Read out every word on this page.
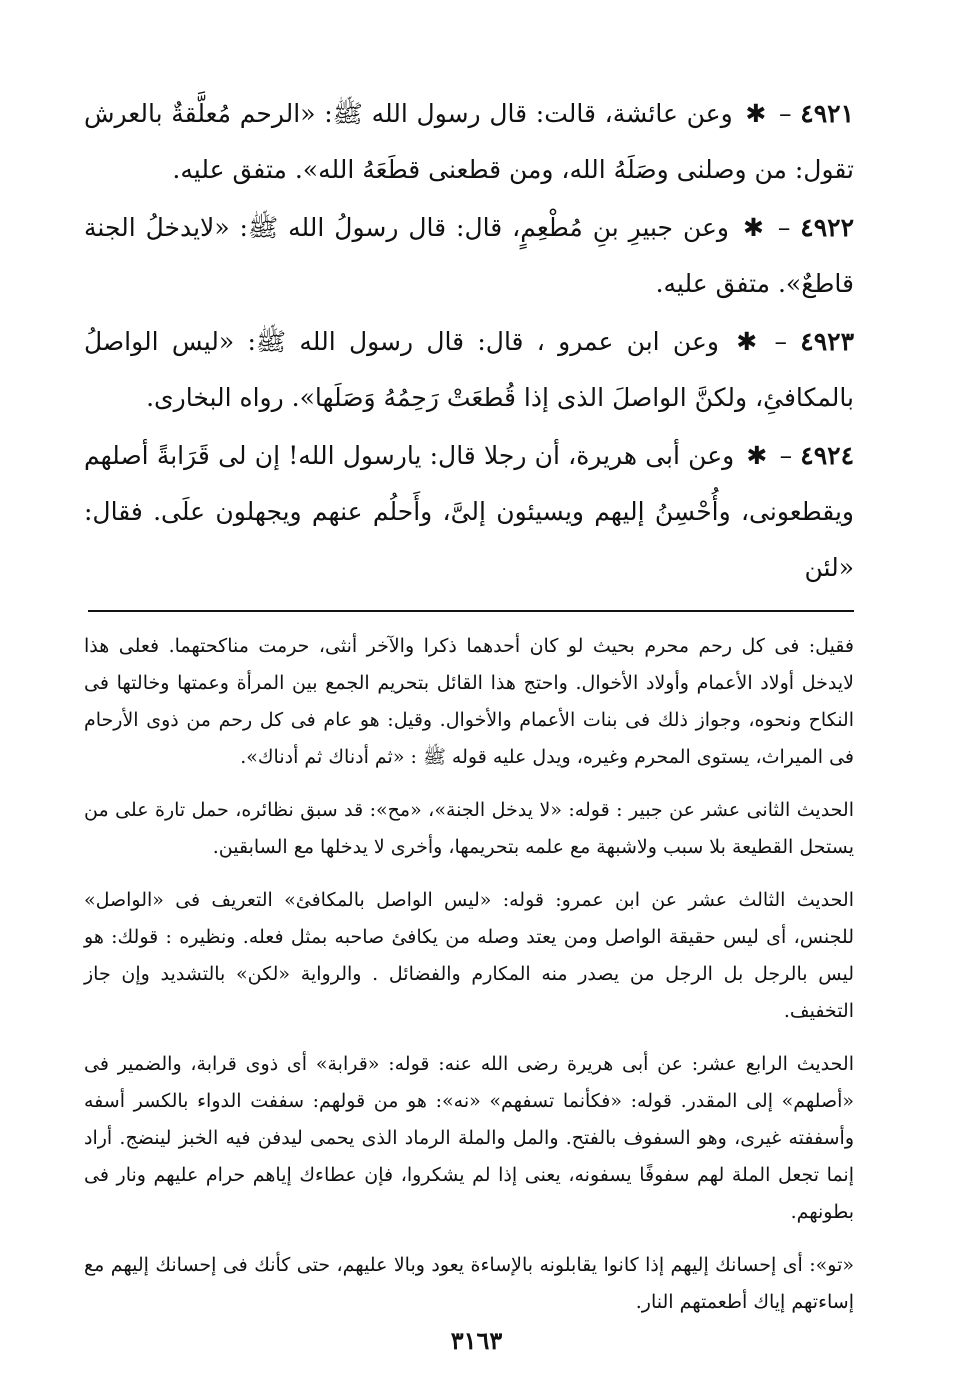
٤٩٢١ – ✱ وعن عائشة، قالت: قال رسول الله ﷺ: «الرحم مُعلَّقةٌ بالعرش تقول: من وصلنى وصَلَهُ الله، ومن قطعنى قطَعَهُ الله». متفق عليه.

٤٩٢٢ – ✱ وعن جبيرِ بنِ مُطْعِمٍ، قال: قال رسولُ الله ﷺ: «لايدخلُ الجنة قاطعٌ». متفق عليه.

٤٩٢٣ – ✱ وعن ابن عمرو ، قال: قال رسول الله ﷺ: «ليس الواصلُ بالمكافئِ، ولكنَّ الواصلَ الذى إذا قُطعَتْ رَحِمُهُ وَصَلَها». رواه البخارى.

٤٩٢٤ – ✱ وعن أبى هريرة، أن رجلا قال: يارسول الله! إن لى قَرَابةً أصلهم ويقطعونى، وأُحْسِنُ إليهم ويسيئون إلىَّ، وأَحلُم عنهم ويجهلون علَى. فقال: «لئن

فقيل: فى كل رحم محرم بحيث لو كان أحدهما ذكرا والآخر أنثى، حرمت مناكحتهما. فعلى هذا لايدخل أولاد الأعمام وأولاد الأخوال. واحتج هذا القائل بتحريم الجمع بين المرأة وعمتها وخالتها فى النكاح ونحوه، وجواز ذلك فى بنات الأعمام والأخوال. وقيل: هو عام فى كل رحم من ذوى الأرحام فى الميراث، يستوى المحرم وغيره، ويدل عليه قوله ﷺ : «ثم أدناك ثم أدناك».

الحديث الثانى عشر عن جبير : قوله: «لا يدخل الجنة»، «مح»: قد سبق نظائره، حمل تارة على من يستحل القطيعة بلا سبب ولاشبهة مع علمه بتحريمها، وأخرى لا يدخلها مع السابقين.

الحديث الثالث عشر عن ابن عمرو: قوله: «ليس الواصل بالمكافئ» التعريف فى «الواصل» للجنس، أى ليس حقيقة الواصل ومن يعتد وصله من يكافئ صاحبه بمثل فعله. ونظيره : قولك: هو ليس بالرجل بل الرجل من يصدر منه المكارم والفضائل . والرواية «لكن» بالتشديد وإن جاز التخفيف.

الحديث الرابع عشر: عن أبى هريرة رضى الله عنه: قوله: «قرابة» أى ذوى قرابة، والضمير فى «أصلهم» إلى المقدر. قوله: «فكأنما تسفهم» «نه»: هو من قولهم: سففت الدواء بالكسر أسفه وأسففته غيرى، وهو السفوف بالفتح. والمل والملة الرماد الذى يحمى ليدفن فيه الخبز لينضج. أراد إنما تجعل الملة لهم سفوفًا يسفونه، يعنى إذا لم يشكروا، فإن عطاءك إياهم حرام عليهم ونار فى بطونهم.

«تو»: أى إحسانك إليهم إذا كانوا يقابلونه بالإساءة يعود وبالا عليهم، حتى كأنك فى إحسانك إليهم مع إساءتهم إياك أطعمتهم النار.

٣١٦٣
